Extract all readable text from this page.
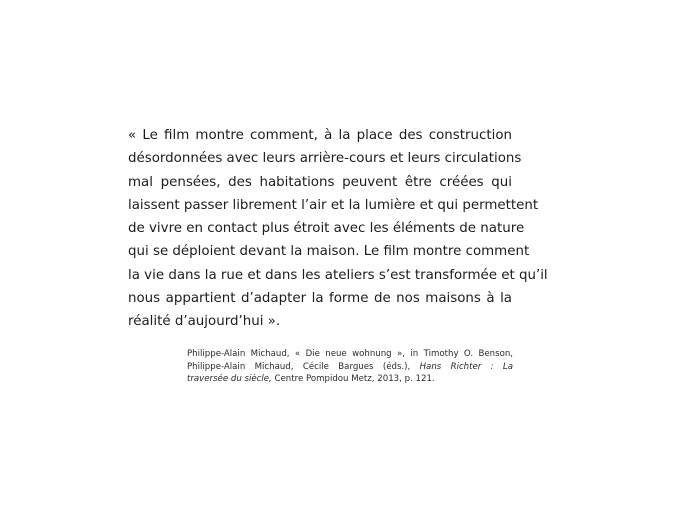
« Le film montre comment, à la place des construction
désordonnées avec leurs arrière-cours et leurs circulations
mal pensées, des habitations peuvent être créées qui
laissent passer librement l’air et la lumière et qui permettent
de vivre en contact plus étroit avec les éléments de nature
qui se déploient devant la maison. Le film montre comment
la vie dans la rue et dans les ateliers s’est transformée et qu’il
nous appartient d’adapter la forme de nos maisons à la
réalité d’aujourd’hui ».
Philippe-Alain Michaud, « Die neue wohnung », in Timothy O. Benson,
Philippe-Alain Michaud, Cécile Bargues (éds.), Hans Richter : La
traversée du siècle, Centre Pompidou Metz, 2013, p. 121.
